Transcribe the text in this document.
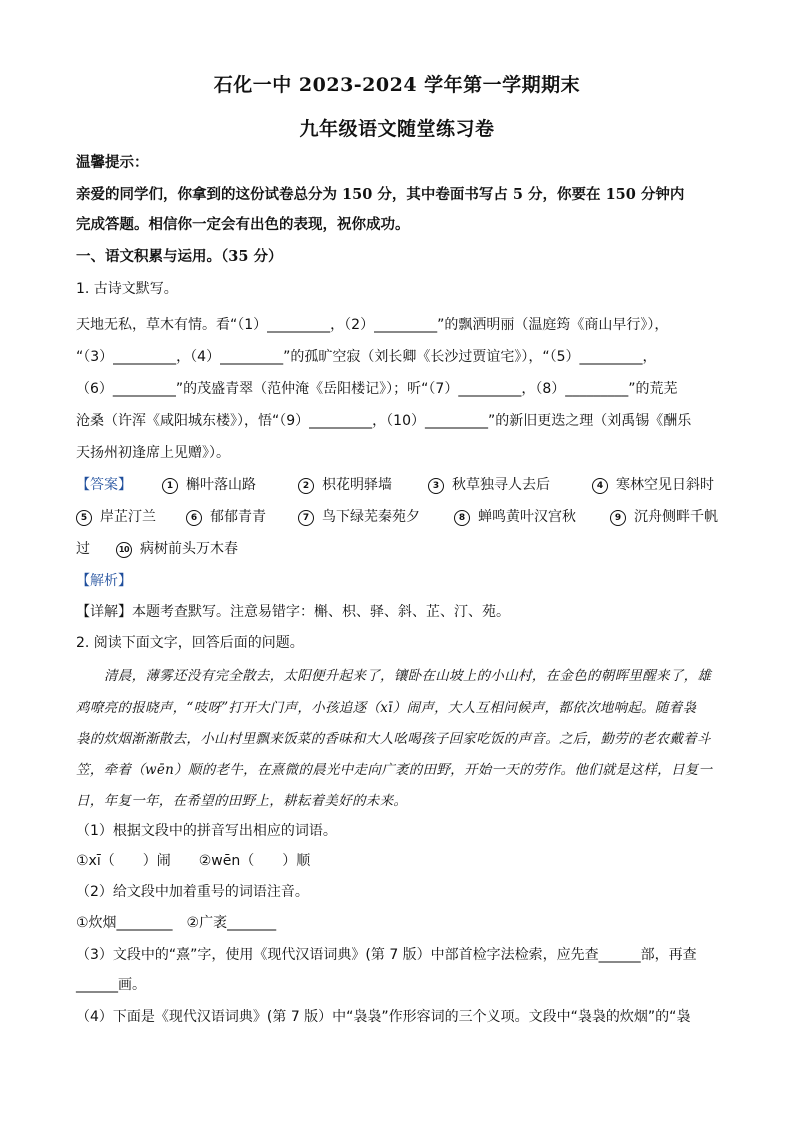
石化一中 2023-2024 学年第一学期期末
九年级语文随堂练习卷
温馨提示：
亲爱的同学们，你拿到的这份试卷总分为 150 分，其中卷面书写占 5 分，你要在 150 分钟内
完成答题。相信你一定会有出色的表现，祝你成功。
一、语文积累与运用。（35 分）
1. 古诗文默写。
天地无私，草木有情。看“（1）_________，（2）_________”的飘洒明丽（温庭筠《商山早行》），
“（3）_________，（4）_________”的孤旷空寂（刘长卿《长沙过贾谊宅》），“（5）_________，
（6）_________”的茂盛青翠（范仲淹《岳阳楼记》）；听“（7）_________，（8）_________”的荒芜
沧桑（许浑《咸阳城东楼》），悟“（9）_________，（10）_________”的新旧更迭之理（刘禹锡《酬乐
天扬州初逢席上见赠》）。
【答案】	1 槲叶落山路	2 枳花明驿墙	3 秋草独寻人去后	4 寒林空见日斜时
5 岸芷汀兰	6 郁郁青青	7 鸟下绿芜秦苑夕	8 蝉鸣黄叶汉宫秋	9 沉舟侧畔千帆
过	10 病树前头万木春
【解析】
【详解】本题考查默写。注意易错字：槲、枳、驿、斜、芷、汀、苑。
2. 阅读下面文字，回答后面的问题。
清晨，薄雾还没有完全散去，太阳便升起来了，镶卧在山坡上的小山村，在金色的朝晖里醒来了，雄
鸡嘹亮的报晓声，“吱呀”打开大门声，小孩追逐（xī）闹声，大人互相问候声，都依次地响起。随着袅
袅的炊烟渐渐散去，小山村里飘来饭菜的香味和大人吆喝孩子回家吃饭的声音。之后，勤劳的老农戴着斗
笠，牵着（wēn）顺的老牛，在熹微的晨光中走向广袤的田野，开始一天的劳作。他们就是这样，日复一
日，年复一年，在希望的田野上，耕耘着美好的未来。
（1）根据文段中的拼音写出相应的词语。
①xī（　　）闹　　②wēn（　　）顺
（2）给文段中加着重号的词语注音。
①炊烟________　②广袤_______
（3）文段中的“熹”字，使用《现代汉语词典》(第 7 版）中部首检字法检索，应先查______部，再查
______画。
（4）下面是《现代汉语词典》(第 7 版）中“袅袅”作形容词的三个义项。文段中“袅袅的炊烟”的“袅
